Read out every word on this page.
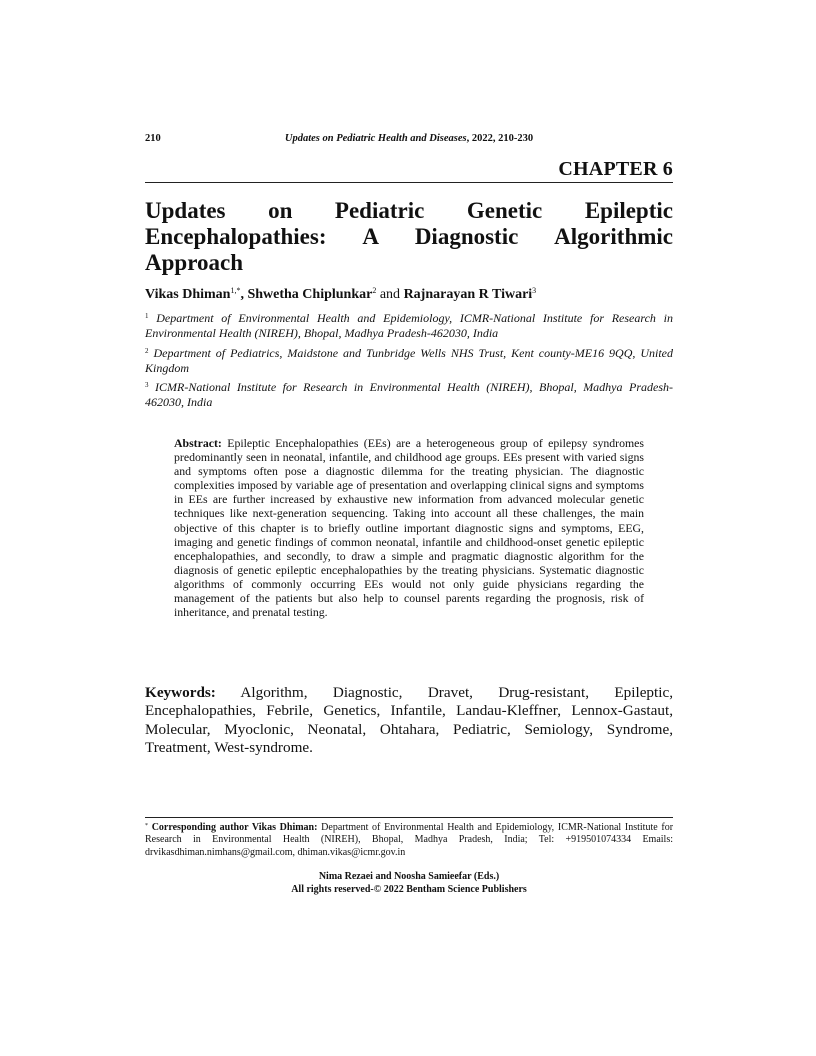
210	Updates on Pediatric Health and Diseases, 2022, 210-230
CHAPTER 6
Updates on Pediatric Genetic Epileptic Encephalopathies: A Diagnostic Algorithmic Approach

Vikas Dhiman$^{1,*}$, Shwetha Chiplunkar$^2$ and Rajnarayan R Tiwari$^3$

$^1$ Department of Environmental Health and Epidemiology, ICMR-National Institute for Research in Environmental Health (NIREH), Bhopal, Madhya Pradesh-462030, India

$^2$ Department of Pediatrics, Maidstone and Tunbridge Wells NHS Trust, Kent county-ME16 9QQ, United Kingdom

$^3$ ICMR-National Institute for Research in Environmental Health (NIREH), Bhopal, Madhya Pradesh-462030, India

Abstract: Epileptic Encephalopathies (EEs) are a heterogeneous group of epilepsy syndromes predominantly seen in neonatal, infantile, and childhood age groups. EEs present with varied signs and symptoms often pose a diagnostic dilemma for the treating physician. The diagnostic complexities imposed by variable age of presentation and overlapping clinical signs and symptoms in EEs are further increased by exhaustive new information from advanced molecular genetic techniques like next-generation sequencing. Taking into account all these challenges, the main objective of this chapter is to briefly outline important diagnostic signs and symptoms, EEG, imaging and genetic findings of common neonatal, infantile and childhood-onset genetic epileptic encephalopathies, and secondly, to draw a simple and pragmatic diagnostic algorithm for the diagnosis of genetic epileptic encephalopathies by the treating physicians. Systematic diagnostic algorithms of commonly occurring EEs would not only guide physicians regarding the management of the patients but also help to counsel parents regarding the prognosis, risk of inheritance, and prenatal testing.

Keywords: Algorithm, Diagnostic, Dravet, Drug-resistant, Epileptic, Encephalopathies, Febrile, Genetics, Infantile, Landau-Kleffner, Lennox-Gastaut, Molecular, Myoclonic, Neonatal, Ohtahara, Pediatric, Semiology, Syndrome, Treatment, West-syndrome.

* Corresponding author Vikas Dhiman: Department of Environmental Health and Epidemiology, ICMR-National Institute for Research in Environmental Health (NIREH), Bhopal, Madhya Pradesh, India; Tel: +919501074334 Emails: drvikasdhiman.nimhans@gmail.com, dhiman.vikas@icmr.gov.in

Nima Rezaei and Noosha Samieefar (Eds.)
All rights reserved-© 2022 Bentham Science Publishers
